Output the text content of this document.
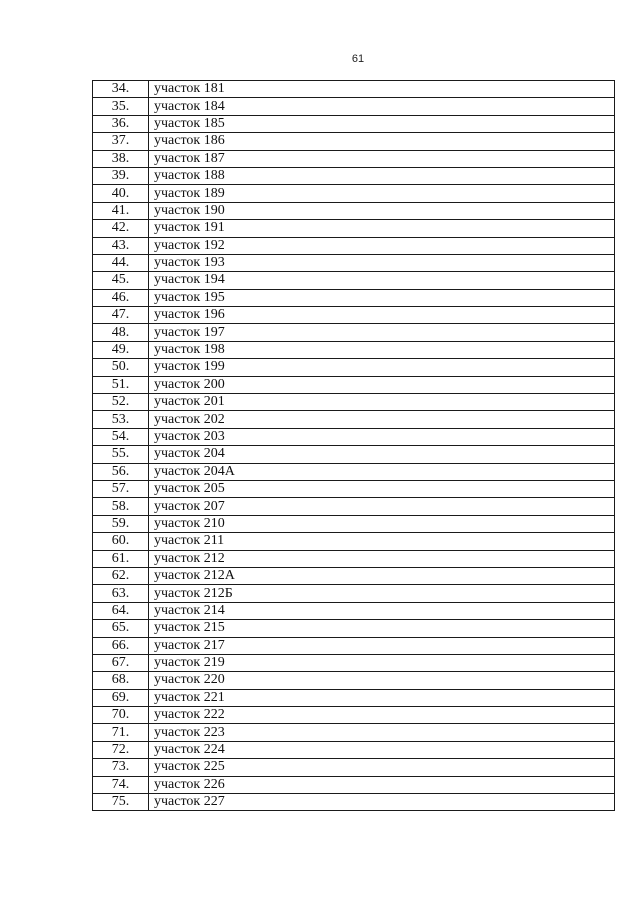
61
34.	участок 181
35.	участок 184
36.	участок 185
37.	участок 186
38.	участок 187
39.	участок 188
40.	участок 189
41.	участок 190
42.	участок 191
43.	участок 192
44.	участок 193
45.	участок 194
46.	участок 195
47.	участок 196
48.	участок 197
49.	участок 198
50.	участок 199
51.	участок 200
52.	участок 201
53.	участок 202
54.	участок 203
55.	участок 204
56.	участок 204А
57.	участок 205
58.	участок 207
59.	участок 210
60.	участок 211
61.	участок 212
62.	участок 212А
63.	участок 212Б
64.	участок 214
65.	участок 215
66.	участок 217
67.	участок 219
68.	участок 220
69.	участок 221
70.	участок 222
71.	участок 223
72.	участок 224
73.	участок 225
74.	участок 226
75.	участок 227
